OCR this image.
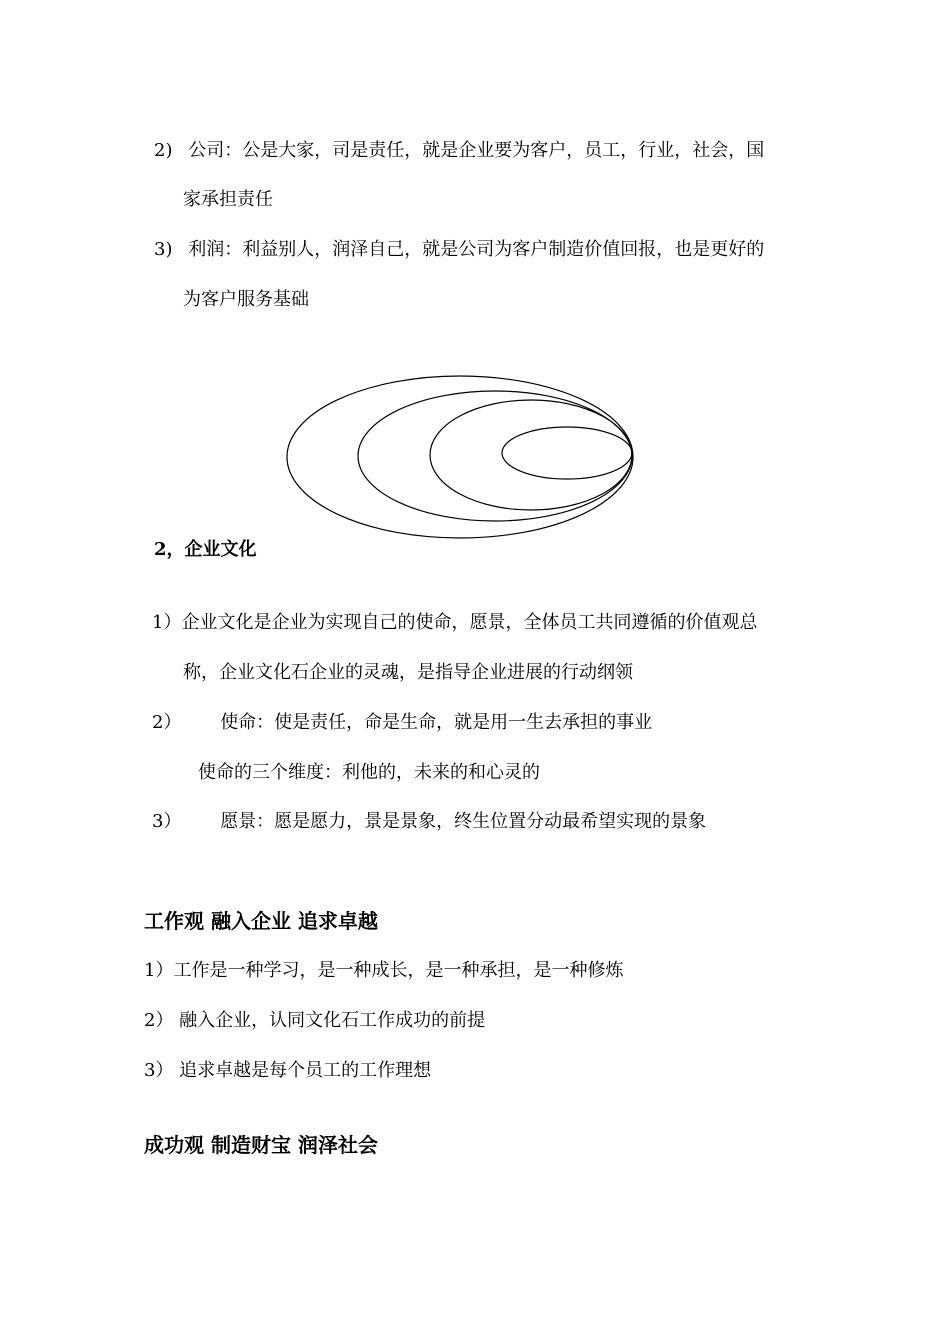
2) 公司：公是大家，司是责任，就是企业要为客户，员工，行业，社会，国
家承担责任
3) 利润：利益别人，润泽自己，就是公司为客户制造价值回报，也是更好的
为客户服务基础
2，企业文化
1）企业文化是企业为实现自己的使命，愿景，全体员工共同遵循的价值观总
称，企业文化石企业的灵魂，是指导企业进展的行动纲领
2） 使命：使是责任，命是生命，就是用一生去承担的事业
使命的三个维度：利他的，未来的和心灵的
3） 愿景：愿是愿力，景是景象，终生位置分动最希望实现的景象
工作观 融入企业 追求卓越
1）工作是一种学习，是一种成长，是一种承担，是一种修炼
2） 融入企业，认同文化石工作成功的前提
3） 追求卓越是每个员工的工作理想
成功观 制造财宝 润泽社会
